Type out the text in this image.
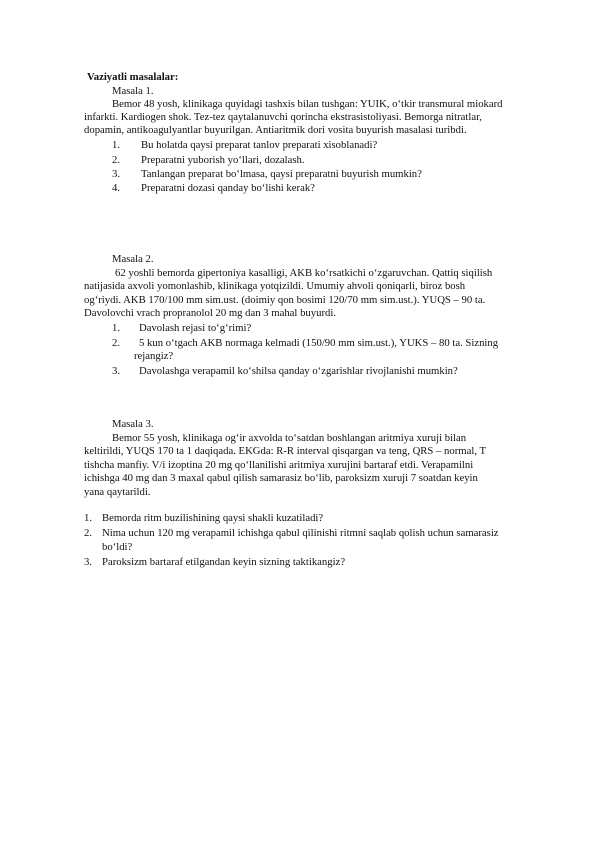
Vaziyatli masalalar:
Masala 1.
Bemor 48 yosh, klinikaga quyidagi tashxis bilan tushgan: YUIK, o‘tkir transmural miokard
infarkti. Kardiogen shok. Tez-tez qaytalanuvchi qorincha ekstrasistoliyasi. Bemorga nitratlar,
dopamin, antikoagulyantlar buyurilgan. Antiaritmik dori vosita buyurish masalasi turibdi.
1. Bu holatda qaysi preparat tanlov preparati xisoblanadi?
2. Preparatni yuborish yo‘llari, dozalash.
3. Tanlangan preparat bo‘lmasa, qaysi preparatni buyurish mumkin?
4. Preparatni dozasi qanday bo‘lishi kerak?
Masala 2.
62 yoshli bemorda gipertoniya kasalligi, AKB ko‘rsatkichi o‘zgaruvchan. Qattiq siqilish
natijasida axvoli yomonlashib, klinikaga yotqizildi. Umumiy ahvoli qoniqarli, biroz bosh
og‘riydi. AKB 170/100 mm sim.ust. (doimiy qon bosimi 120/70 mm sim.ust.). YUQS – 90 ta.
Davolovchi vrach propranolol 20 mg dan 3 mahal buyurdi.
1. Davolash rejasi to‘g‘rimi?
2. 5 kun o‘tgach AKB normaga kelmadi (150/90 mm sim.ust.), YUKS – 80 ta. Sizning
rejangiz?
3. Davolashga verapamil ko‘shilsa qanday o‘zgarishlar rivojlanishi mumkin?
Masala 3.
Bemor 55 yosh, klinikaga og‘ir axvolda to‘satdan boshlangan aritmiya xuruji bilan
keltirildi, YUQS 170 ta 1 daqiqada. EKGda: R-R interval qisqargan va teng, QRS – normal, T
tishcha manfiy. V/i izoptina 20 mg qo‘llanilishi aritmiya xurujini bartaraf etdi. Verapamilni
ichishga 40 mg dan 3 maxal qabul qilish samarasiz bo‘lib, paroksizm xuruji 7 soatdan keyin
yana qaytarildi.
1. Bemorda ritm buzilishining qaysi shakli kuzatiladi?
2. Nima uchun 120 mg verapamil ichishga qabul qilinishi ritmni saqlab qolish uchun samarasiz
bo‘ldi?
3. Paroksizm bartaraf etilgandan keyin sizning taktikangiz?
